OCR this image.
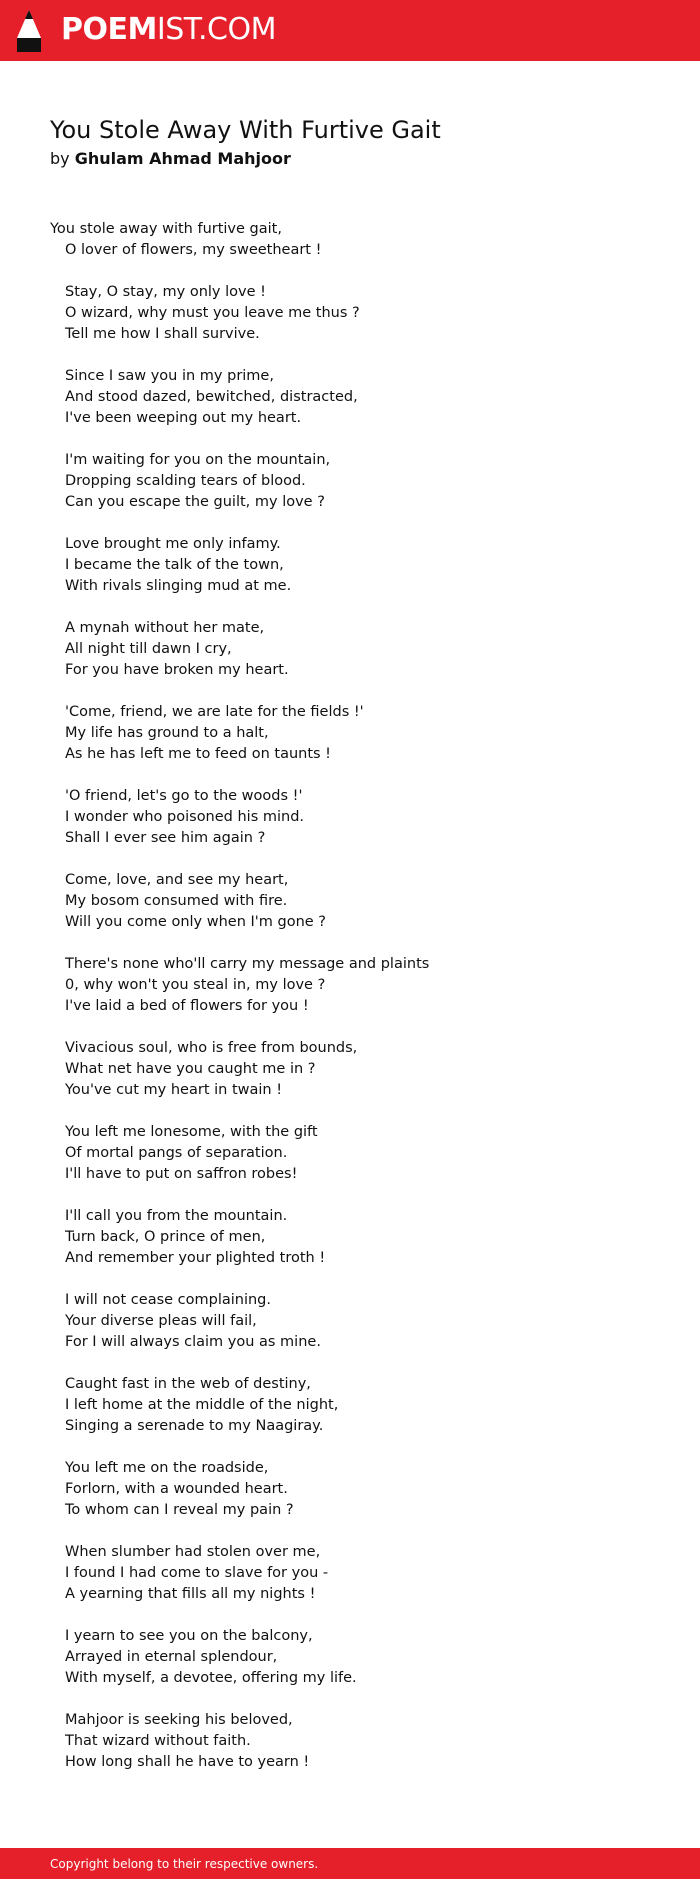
POEMIST.COM
You Stole Away With Furtive Gait
by Ghulam Ahmad Mahjoor
You stole away with furtive gait,
O lover of flowers, my sweetheart !
Stay, O stay, my only love !
O wizard, why must you leave me thus ?
Tell me how I shall survive.
Since I saw you in my prime,
And stood dazed, bewitched, distracted,
I've been weeping out my heart.
I'm waiting for you on the mountain,
Dropping scalding tears of blood.
Can you escape the guilt, my love ?
Love brought me only infamy.
I became the talk of the town,
With rivals slinging mud at me.
A mynah without her mate,
All night till dawn I cry,
For you have broken my heart.
'Come, friend, we are late for the fields !'
My life has ground to a halt,
As he has left me to feed on taunts !
'O friend, let's go to the woods !'
I wonder who poisoned his mind.
Shall I ever see him again ?
Come, love, and see my heart,
My bosom consumed with fire.
Will you come only when I'm gone ?
There's none who'll carry my message and plaints
0, why won't you steal in, my love ?
I've laid a bed of flowers for you !
Vivacious soul, who is free from bounds,
What net have you caught me in ?
You've cut my heart in twain !
You left me lonesome, with the gift
Of mortal pangs of separation.
I'll have to put on saffron robes!
I'll call you from the mountain.
Turn back, O prince of men,
And remember your plighted troth !
I will not cease complaining.
Your diverse pleas will fail,
For I will always claim you as mine.
Caught fast in the web of destiny,
I left home at the middle of the night,
Singing a serenade to my Naagiray.
You left me on the roadside,
Forlorn, with a wounded heart.
To whom can I reveal my pain ?
When slumber had stolen over me,
I found I had come to slave for you -
A yearning that fills all my nights !
I yearn to see you on the balcony,
Arrayed in eternal splendour,
With myself, a devotee, offering my life.
Mahjoor is seeking his beloved,
That wizard without faith.
How long shall he have to yearn !
Copyright belong to their respective owners.
